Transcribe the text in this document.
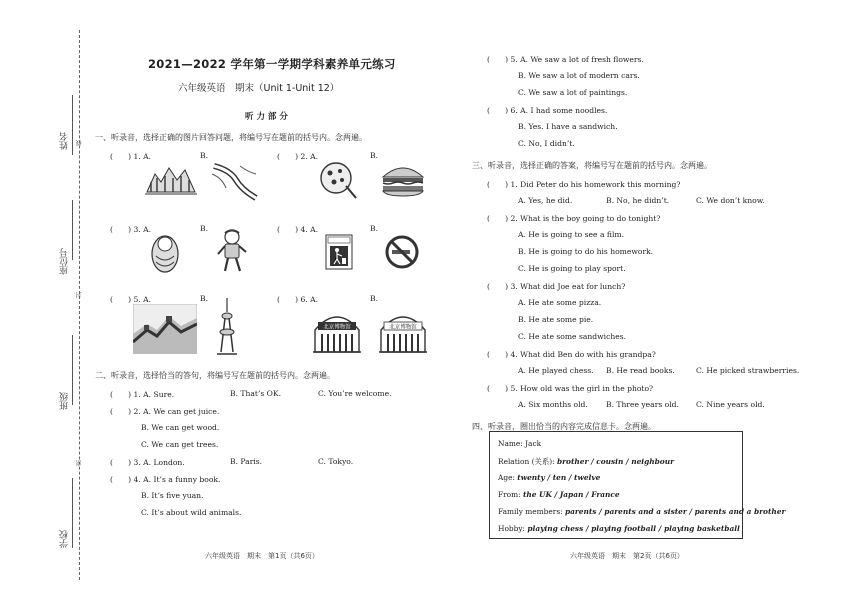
姓名 线
座位号
封
班级
密
学校
2021—2022 学年第一学期学科素养单元练习
六年级英语　期末（Unit 1-Unit 12）
听 力 部 分
一、听录音，选择正确的图片回答问题，将编号写在题前的括号内。念两遍。
(　　) 1. A.	B.	(　　) 2. A.	B.
(　　) 3. A.	B.	(　　) 4. A.	B.
(　　) 5. A.	B.	(　　) 6. A.	B.
北京博物馆	北京博物馆
二、听录音，选择恰当的答句，将编号写在题前的括号内。念两遍。
(　　) 1. A. Sure.	B. That’s OK.	C. You’re welcome.
(　　) 2. A. We can get juice.
B. We can get wood.
C. We can get trees.
(　　) 3. A. London.	B. Paris.	C. Tokyo.
(　　) 4. A. It’s a funny book.
B. It’s five yuan.
C. It’s about wild animals.
六年级英语　期末　第1页（共6页）
(　　) 5. A. We saw a lot of fresh flowers.
B. We saw a lot of modern cars.
C. We saw a lot of paintings.
(　　) 6. A. I had some noodles.
B. Yes. I have a sandwich.
C. No, I didn’t.
三、听录音，选择正确的答案，将编号写在题前的括号内。念两遍。
(　　) 1. Did Peter do his homework this morning?
A. Yes, he did.	B. No, he didn’t.	C. We don’t know.
(　　) 2. What is the boy going to do tonight?
A. He is going to see a film.
B. He is going to do his homework.
C. He is going to play sport.
(　　) 3. What did Joe eat for lunch?
A. He ate some pizza.
B. He ate some pie.
C. He ate some sandwiches.
(　　) 4. What did Ben do with his grandpa?
A. He played chess. B. He read books.	C. He picked strawberries.
(　　) 5. How old was the girl in the photo?
A. Six months old. B. Three years old. C. Nine years old.
四、听录音，圈出恰当的内容完成信息卡。念两遍。
Name: Jack
Relation (关系): brother / cousin / neighbour
Age: twenty / ten / twelve
From: the UK / Japan / France
Family members: parents / parents and a sister / parents and a brother
Hobby: playing chess / playing football / playing basketball
六年级英语　期末　第2页（共6页）
